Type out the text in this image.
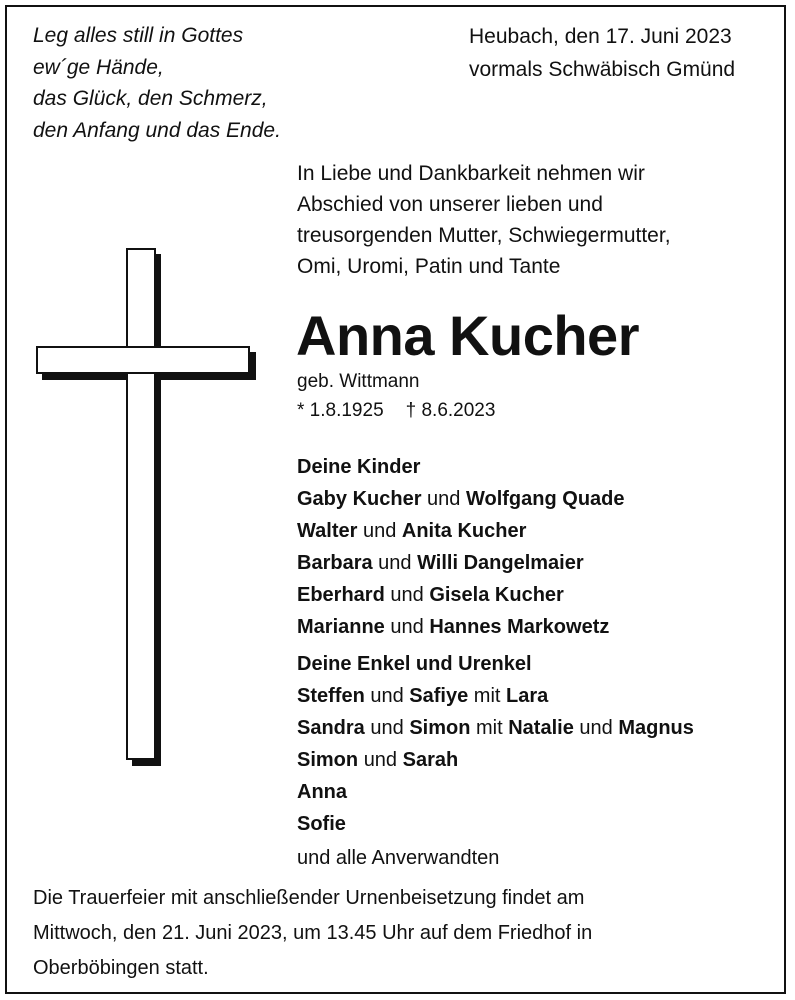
Leg alles still in Gottes
ew´ge Hände,
das Glück, den Schmerz,
den Anfang und das Ende.
Heubach, den 17. Juni 2023
vormals Schwäbisch Gmünd
In Liebe und Dankbarkeit nehmen wir
Abschied von unserer lieben und
treusorgenden Mutter, Schwiegermutter,
Omi, Uromi, Patin und Tante
Anna Kucher
geb. Wittmann
* 1.8.1925 † 8.6.2023
Deine Kinder
Gaby Kucher und Wolfgang Quade
Walter und Anita Kucher
Barbara und Willi Dangelmaier
Eberhard und Gisela Kucher
Marianne und Hannes Markowetz
Deine Enkel und Urenkel
Steffen und Safiye mit Lara
Sandra und Simon mit Natalie und Magnus
Simon und Sarah
Anna
Sofie
und alle Anverwandten
Die Trauerfeier mit anschließender Urnenbeisetzung findet am
Mittwoch, den 21. Juni 2023, um 13.45 Uhr auf dem Friedhof in
Oberböbingen statt.
